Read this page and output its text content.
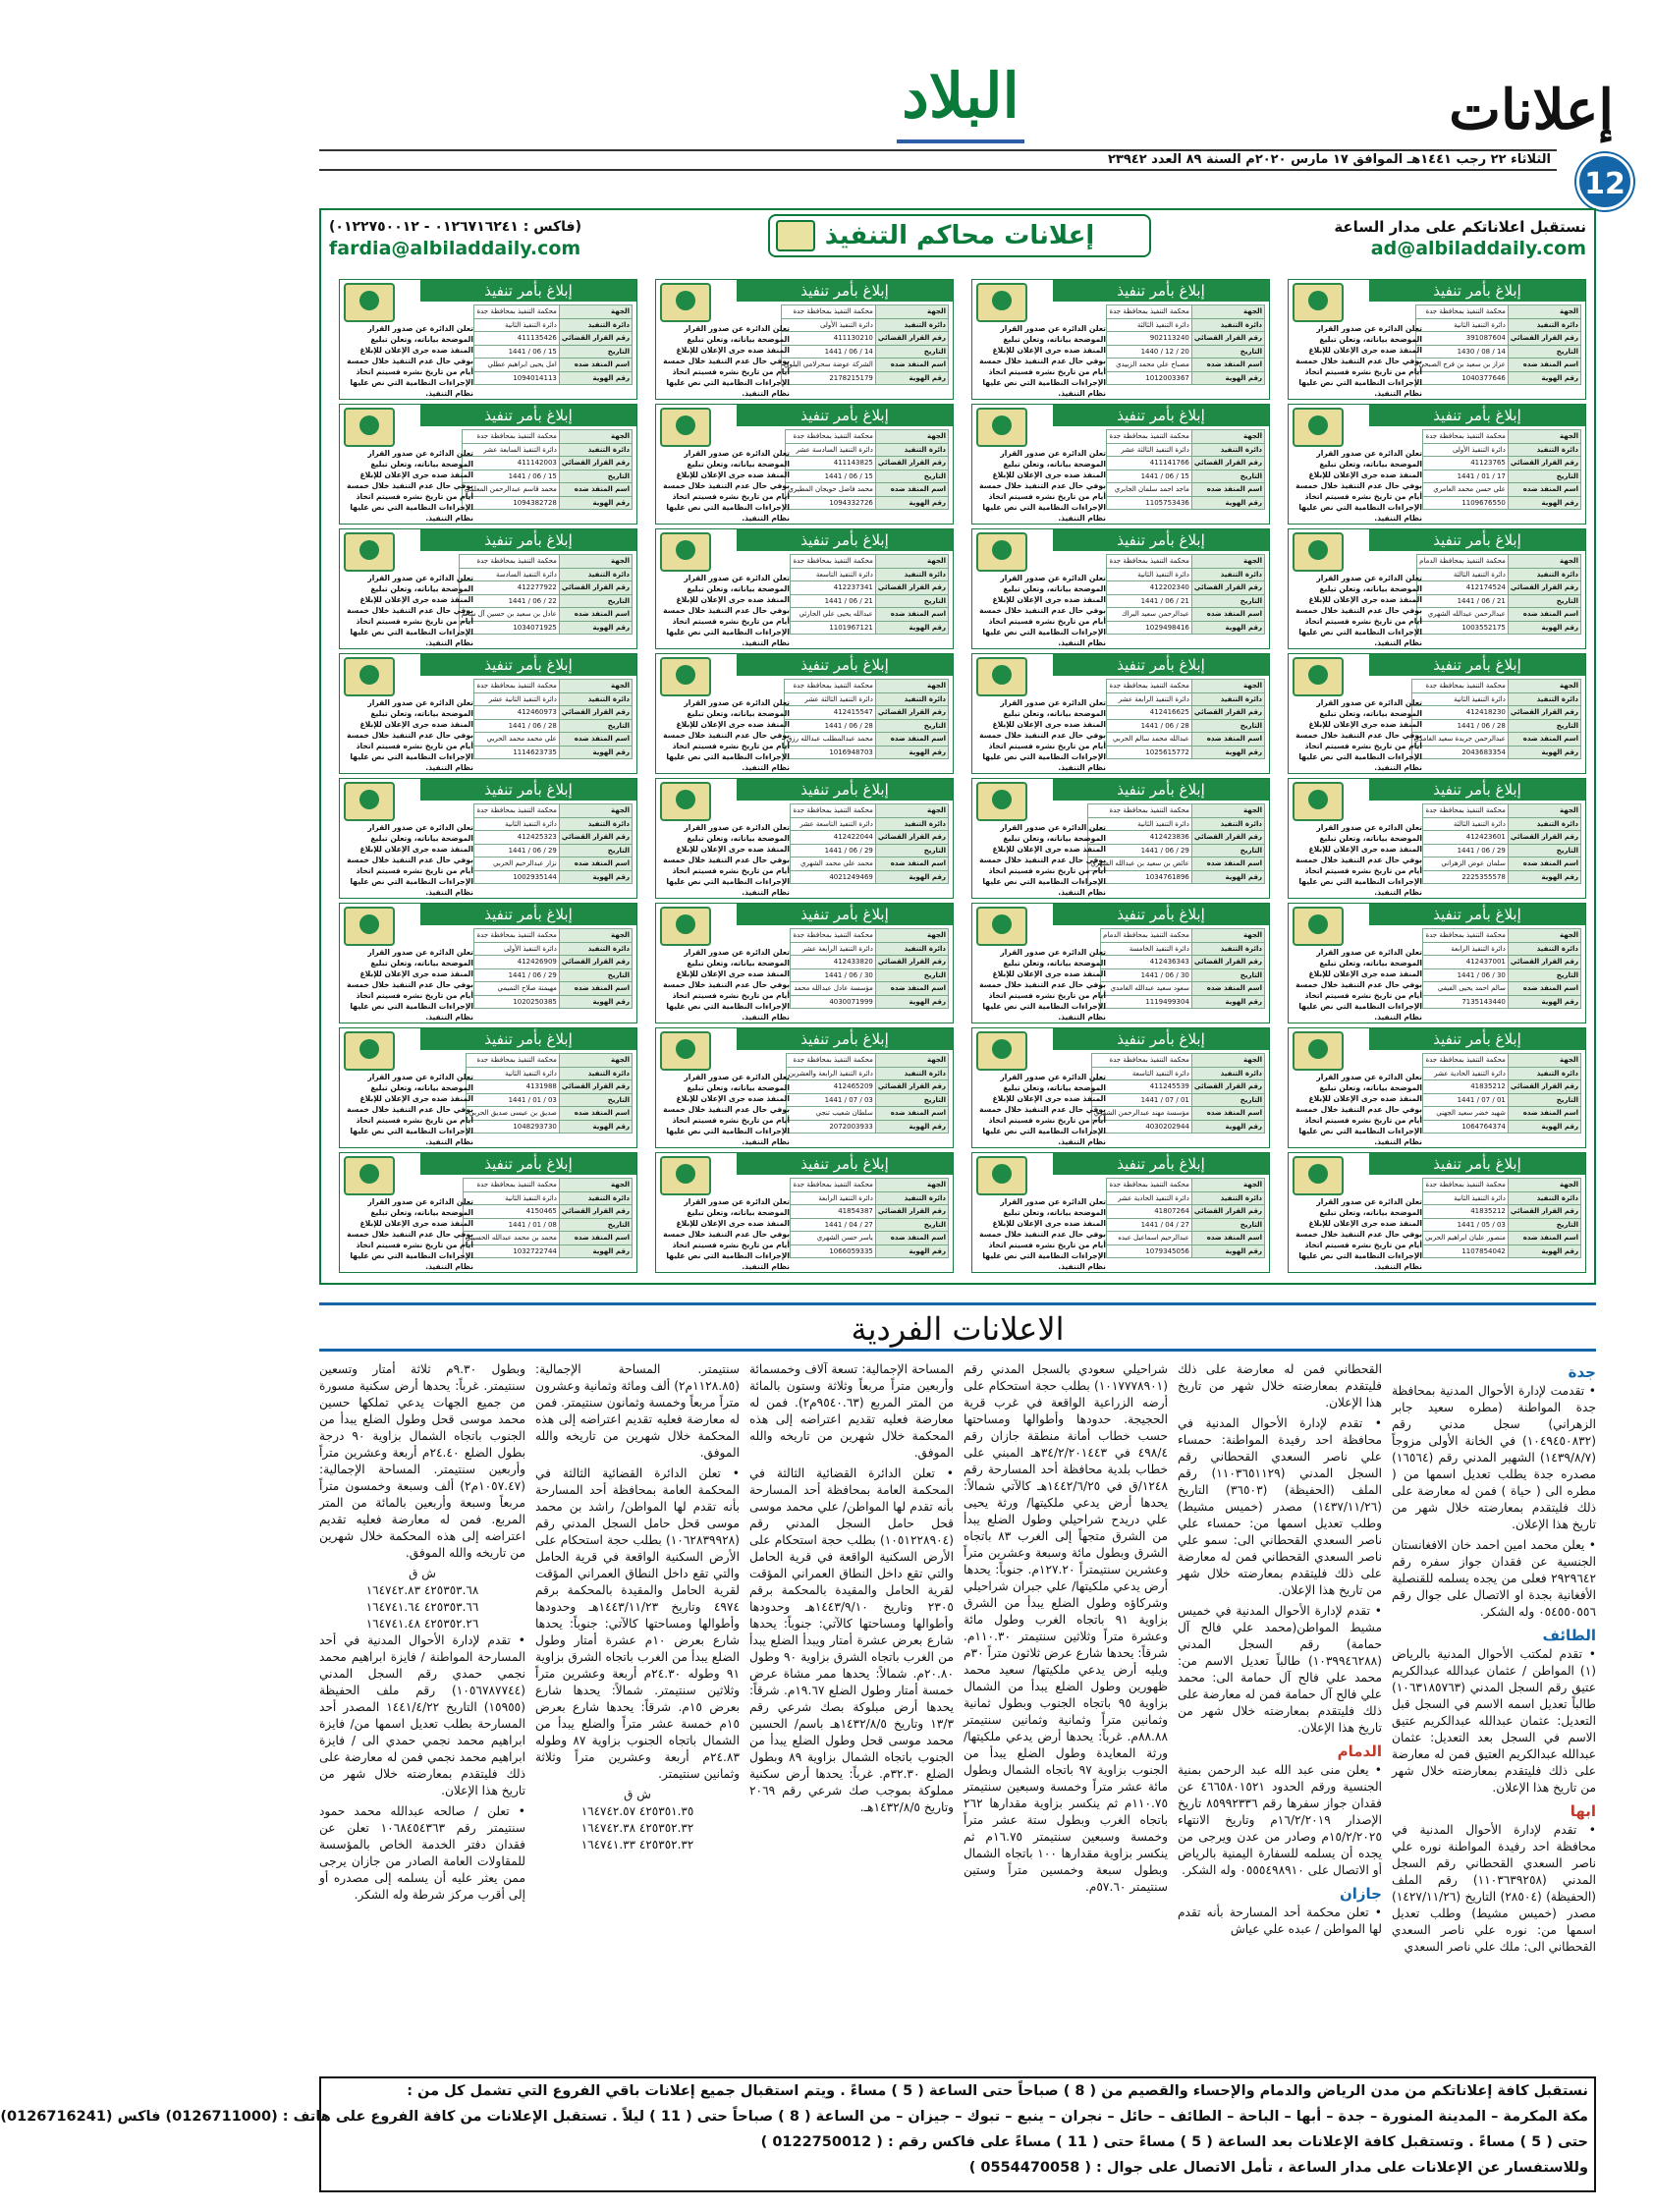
البلاد	إعلانات
الثلاثاء ٢٢ رجب ١٤٤١هـ الموافق ١٧ مارس ٢٠٢٠م السنة ٨٩ العدد ٢٣٩٤٢
12
نستقبل اعلاناتكم على مدار الساعة
ad@albiladdaily.com
إعلانات محاكم التنفيذ
(فاكس : ٠١٢٦٧١٦٢٤١ - ٠١٢٢٧٥٠٠١٢)
fardia@albiladdaily.com
إبلاغ بأمر تنفيذ
الجهة	محكمة التنفيذ بمحافظة جدة
دائرة التنفيذ	دائرة التنفيذ الثانية
رقم القرار القضائي	391087604
التاريخ	14 / 08 / 1430
اسم المنفذ ضده	عزاز بن سعيد بن فرج الصبحي
رقم الهوية	1040377646
تعلن الدائرة عن صدور القرار الموضحة بياناته، وتعلن تبليغ المنفذ ضده جرى الإعلان للإبلاغ بوفي حال عدم التنفيذ خلال خمسة أيام من تاريخ نشره فسيتم اتخاذ الإجراءات النظامية التي نص عليها نظام التنفيذ.
إبلاغ بأمر تنفيذ
الجهة	محكمة التنفيذ بمحافظة جدة
دائرة التنفيذ	دائرة التنفيذ الثالثة
رقم القرار القضائي	902113240
التاريخ	20 / 12 / 1440
اسم المنفذ ضده	مصباح علي محمد الزبيدي
رقم الهوية	1012003367
تعلن الدائرة عن صدور القرار الموضحة بياناته، وتعلن تبليغ المنفذ ضده جرى الإعلان للإبلاغ بوفي حال عدم التنفيذ خلال خمسة أيام من تاريخ نشره فسيتم اتخاذ الإجراءات النظامية التي نص عليها نظام التنفيذ.
إبلاغ بأمر تنفيذ
الجهة	محكمة التنفيذ بمحافظة جدة
دائرة التنفيذ	دائرة التنفيذ الأولى
رقم القرار القضائي	411130210
التاريخ	14 / 06 / 1441
اسم المنفذ ضده	الشركة عوضة سحرلامي البلوي
رقم الهوية	2178215179
تعلن الدائرة عن صدور القرار الموضحة بياناته، وتعلن تبليغ المنفذ ضده جرى الإعلان للإبلاغ بوفي حال عدم التنفيذ خلال خمسة أيام من تاريخ نشره فسيتم اتخاذ الإجراءات النظامية التي نص عليها نظام التنفيذ.
إبلاغ بأمر تنفيذ
الجهة	محكمة التنفيذ بمحافظة جدة
دائرة التنفيذ	دائرة التنفيذ الثانية
رقم القرار القضائي	411135426
التاريخ	15 / 06 / 1441
اسم المنفذ ضده	امل يحيى ابراهيم عطلي
رقم الهوية	1094014113
تعلن الدائرة عن صدور القرار الموضحة بياناته، وتعلن تبليغ المنفذ ضده جرى الإعلان للإبلاغ بوفي حال عدم التنفيذ خلال خمسة أيام من تاريخ نشره فسيتم اتخاذ الإجراءات النظامية التي نص عليها نظام التنفيذ.
إبلاغ بأمر تنفيذ
الجهة	محكمة التنفيذ بمحافظة جدة
دائرة التنفيذ	دائرة التنفيذ الأولى
رقم القرار القضائي	41123765
التاريخ	17 / 01 / 1441
اسم المنفذ ضده	علي حسن محمد العامري
رقم الهوية	1109676550
تعلن الدائرة عن صدور القرار الموضحة بياناته، وتعلن تبليغ المنفذ ضده جرى الإعلان للإبلاغ بوفي حال عدم التنفيذ خلال خمسة أيام من تاريخ نشره فسيتم اتخاذ الإجراءات النظامية التي نص عليها نظام التنفيذ.
إبلاغ بأمر تنفيذ
الجهة	محكمة التنفيذ بمحافظة جدة
دائرة التنفيذ	دائرة التنفيذ الثالثة عشر
رقم القرار القضائي	411141766
التاريخ	15 / 06 / 1441
اسم المنفذ ضده	ماجد احمد سلمان الجابري
رقم الهوية	1105753436
تعلن الدائرة عن صدور القرار الموضحة بياناته، وتعلن تبليغ المنفذ ضده جرى الإعلان للإبلاغ بوفي حال عدم التنفيذ خلال خمسة أيام من تاريخ نشره فسيتم اتخاذ الإجراءات النظامية التي نص عليها نظام التنفيذ.
إبلاغ بأمر تنفيذ
الجهة	محكمة التنفيذ بمحافظة جدة
دائرة التنفيذ	دائرة التنفيذ السادسة عشر
رقم القرار القضائي	411143825
التاريخ	15 / 06 / 1441
اسم المنفذ ضده	محمد فاضل حويجان المطيري
رقم الهوية	1094332726
تعلن الدائرة عن صدور القرار الموضحة بياناته، وتعلن تبليغ المنفذ ضده جرى الإعلان للإبلاغ بوفي حال عدم التنفيذ خلال خمسة أيام من تاريخ نشره فسيتم اتخاذ الإجراءات النظامية التي نص عليها نظام التنفيذ.
إبلاغ بأمر تنفيذ
الجهة	محكمة التنفيذ بمحافظة جدة
دائرة التنفيذ	دائرة التنفيذ السابعة عشر
رقم القرار القضائي	411142003
التاريخ	15 / 06 / 1441
اسم المنفذ ضده	محمد قاسم عبدالرحمن المعلمي
رقم الهوية	1094382728
تعلن الدائرة عن صدور القرار الموضحة بياناته، وتعلن تبليغ المنفذ ضده جرى الإعلان للإبلاغ بوفي حال عدم التنفيذ خلال خمسة أيام من تاريخ نشره فسيتم اتخاذ الإجراءات النظامية التي نص عليها نظام التنفيذ.
إبلاغ بأمر تنفيذ
الجهة	محكمة التنفيذ بمحافظة الدمام
دائرة التنفيذ	دائرة التنفيذ الثالثة
رقم القرار القضائي	412174524
التاريخ	21 / 06 / 1441
اسم المنفذ ضده	عبدالرحمن عبدالله الشهري
رقم الهوية	1003552175
تعلن الدائرة عن صدور القرار الموضحة بياناته، وتعلن تبليغ المنفذ ضده جرى الإعلان للإبلاغ بوفي حال عدم التنفيذ خلال خمسة أيام من تاريخ نشره فسيتم اتخاذ الإجراءات النظامية التي نص عليها نظام التنفيذ.
إبلاغ بأمر تنفيذ
الجهة	محكمة التنفيذ بمحافظة جدة
دائرة التنفيذ	دائرة التنفيذ الثانية
رقم القرار القضائي	412202340
التاريخ	21 / 06 / 1441
اسم المنفذ ضده	عبدالرحمن سعيد البراك
رقم الهوية	1029498416
تعلن الدائرة عن صدور القرار الموضحة بياناته، وتعلن تبليغ المنفذ ضده جرى الإعلان للإبلاغ بوفي حال عدم التنفيذ خلال خمسة أيام من تاريخ نشره فسيتم اتخاذ الإجراءات النظامية التي نص عليها نظام التنفيذ.
إبلاغ بأمر تنفيذ
الجهة	محكمة التنفيذ بمحافظة جدة
دائرة التنفيذ	دائرة التنفيذ التاسعة
رقم القرار القضائي	412237341
التاريخ	21 / 06 / 1441
اسم المنفذ ضده	عبدالله يحيى علي الحارثي
رقم الهوية	1101967121
تعلن الدائرة عن صدور القرار الموضحة بياناته، وتعلن تبليغ المنفذ ضده جرى الإعلان للإبلاغ بوفي حال عدم التنفيذ خلال خمسة أيام من تاريخ نشره فسيتم اتخاذ الإجراءات النظامية التي نص عليها نظام التنفيذ.
إبلاغ بأمر تنفيذ
الجهة	محكمة التنفيذ بمحافظة جدة
دائرة التنفيذ	دائرة التنفيذ السادسة
رقم القرار القضائي	412277922
التاريخ	22 / 06 / 1441
اسم المنفذ ضده	عادل بن سعيد بن حسين آل سالم
رقم الهوية	1034071925
تعلن الدائرة عن صدور القرار الموضحة بياناته، وتعلن تبليغ المنفذ ضده جرى الإعلان للإبلاغ بوفي حال عدم التنفيذ خلال خمسة أيام من تاريخ نشره فسيتم اتخاذ الإجراءات النظامية التي نص عليها نظام التنفيذ.
إبلاغ بأمر تنفيذ
الجهة	محكمة التنفيذ بمحافظة جدة
دائرة التنفيذ	دائرة التنفيذ الثانية
رقم القرار القضائي	412418230
التاريخ	28 / 06 / 1441
اسم المنفذ ضده	عبدالرحمن جريدة سعيد الغامدي
رقم الهوية	2043683354
تعلن الدائرة عن صدور القرار الموضحة بياناته، وتعلن تبليغ المنفذ ضده جرى الإعلان للإبلاغ بوفي حال عدم التنفيذ خلال خمسة أيام من تاريخ نشره فسيتم اتخاذ الإجراءات النظامية التي نص عليها نظام التنفيذ.
إبلاغ بأمر تنفيذ
الجهة	محكمة التنفيذ بمحافظة جدة
دائرة التنفيذ	دائرة التنفيذ الرابعة عشر
رقم القرار القضائي	412416625
التاريخ	28 / 06 / 1441
اسم المنفذ ضده	عبدالله محمد سالم الحربي
رقم الهوية	1025615772
تعلن الدائرة عن صدور القرار الموضحة بياناته، وتعلن تبليغ المنفذ ضده جرى الإعلان للإبلاغ بوفي حال عدم التنفيذ خلال خمسة أيام من تاريخ نشره فسيتم اتخاذ الإجراءات النظامية التي نص عليها نظام التنفيذ.
إبلاغ بأمر تنفيذ
الجهة	محكمة التنفيذ بمحافظة جدة
دائرة التنفيذ	دائرة التنفيذ الثالثة عشر
رقم القرار القضائي	412415547
التاريخ	28 / 06 / 1441
اسم المنفذ ضده	محمد عبدالمطلب عبدالله رزق
رقم الهوية	1016948703
تعلن الدائرة عن صدور القرار الموضحة بياناته، وتعلن تبليغ المنفذ ضده جرى الإعلان للإبلاغ بوفي حال عدم التنفيذ خلال خمسة أيام من تاريخ نشره فسيتم اتخاذ الإجراءات النظامية التي نص عليها نظام التنفيذ.
إبلاغ بأمر تنفيذ
الجهة	محكمة التنفيذ بمحافظة جدة
دائرة التنفيذ	دائرة التنفيذ الثانية عشر
رقم القرار القضائي	412460973
التاريخ	28 / 06 / 1441
اسم المنفذ ضده	علي محمد محمد الحربي
رقم الهوية	1114623735
تعلن الدائرة عن صدور القرار الموضحة بياناته، وتعلن تبليغ المنفذ ضده جرى الإعلان للإبلاغ بوفي حال عدم التنفيذ خلال خمسة أيام من تاريخ نشره فسيتم اتخاذ الإجراءات النظامية التي نص عليها نظام التنفيذ.
إبلاغ بأمر تنفيذ
الجهة	محكمة التنفيذ بمحافظة جدة
دائرة التنفيذ	دائرة التنفيذ الثالثة
رقم القرار القضائي	412423601
التاريخ	29 / 06 / 1441
اسم المنفذ ضده	سلمان عوض الزهراني
رقم الهوية	2225355578
تعلن الدائرة عن صدور القرار الموضحة بياناته، وتعلن تبليغ المنفذ ضده جرى الإعلان للإبلاغ بوفي حال عدم التنفيذ خلال خمسة أيام من تاريخ نشره فسيتم اتخاذ الإجراءات النظامية التي نص عليها نظام التنفيذ.
إبلاغ بأمر تنفيذ
الجهة	محكمة التنفيذ بمحافظة جدة
دائرة التنفيذ	دائرة التنفيذ الثانية
رقم القرار القضائي	412423836
التاريخ	29 / 06 / 1441
اسم المنفذ ضده	عائض بن سعيد بن عبدالله الشهري
رقم الهوية	1034761896
تعلن الدائرة عن صدور القرار الموضحة بياناته، وتعلن تبليغ المنفذ ضده جرى الإعلان للإبلاغ بوفي حال عدم التنفيذ خلال خمسة أيام من تاريخ نشره فسيتم اتخاذ الإجراءات النظامية التي نص عليها نظام التنفيذ.
إبلاغ بأمر تنفيذ
الجهة	محكمة التنفيذ بمحافظة جدة
دائرة التنفيذ	دائرة التنفيذ التاسعة عشر
رقم القرار القضائي	412422044
التاريخ	29 / 06 / 1441
اسم المنفذ ضده	محمد علي محمد الشهري
رقم الهوية	4021249469
تعلن الدائرة عن صدور القرار الموضحة بياناته، وتعلن تبليغ المنفذ ضده جرى الإعلان للإبلاغ بوفي حال عدم التنفيذ خلال خمسة أيام من تاريخ نشره فسيتم اتخاذ الإجراءات النظامية التي نص عليها نظام التنفيذ.
إبلاغ بأمر تنفيذ
الجهة	محكمة التنفيذ بمحافظة جدة
دائرة التنفيذ	دائرة التنفيذ الثانية
رقم القرار القضائي	412425323
التاريخ	29 / 06 / 1441
اسم المنفذ ضده	نزار عبدالرحيم الحربي
رقم الهوية	1002935144
تعلن الدائرة عن صدور القرار الموضحة بياناته، وتعلن تبليغ المنفذ ضده جرى الإعلان للإبلاغ بوفي حال عدم التنفيذ خلال خمسة أيام من تاريخ نشره فسيتم اتخاذ الإجراءات النظامية التي نص عليها نظام التنفيذ.
إبلاغ بأمر تنفيذ
الجهة	محكمة التنفيذ بمحافظة جدة
دائرة التنفيذ	دائرة التنفيذ الرابعة
رقم القرار القضائي	412437001
التاريخ	30 / 06 / 1441
اسم المنفذ ضده	سالم احمد يحيى الفيفي
رقم الهوية	7135143440
تعلن الدائرة عن صدور القرار الموضحة بياناته، وتعلن تبليغ المنفذ ضده جرى الإعلان للإبلاغ بوفي حال عدم التنفيذ خلال خمسة أيام من تاريخ نشره فسيتم اتخاذ الإجراءات النظامية التي نص عليها نظام التنفيذ.
إبلاغ بأمر تنفيذ
الجهة	محكمة التنفيذ بمحافظة الدمام
دائرة التنفيذ	دائرة التنفيذ الخامسة
رقم القرار القضائي	412436343
التاريخ	30 / 06 / 1441
اسم المنفذ ضده	سعود سعيد عبدالله الغامدي
رقم الهوية	1119499304
تعلن الدائرة عن صدور القرار الموضحة بياناته، وتعلن تبليغ المنفذ ضده جرى الإعلان للإبلاغ بوفي حال عدم التنفيذ خلال خمسة أيام من تاريخ نشره فسيتم اتخاذ الإجراءات النظامية التي نص عليها نظام التنفيذ.
إبلاغ بأمر تنفيذ
الجهة	محكمة التنفيذ بمحافظة جدة
دائرة التنفيذ	دائرة التنفيذ الرابعة عشر
رقم القرار القضائي	412433820
التاريخ	30 / 06 / 1441
اسم المنفذ ضده	مؤسسة عادل عبدالله محمد
رقم الهوية	4030071999
تعلن الدائرة عن صدور القرار الموضحة بياناته، وتعلن تبليغ المنفذ ضده جرى الإعلان للإبلاغ بوفي حال عدم التنفيذ خلال خمسة أيام من تاريخ نشره فسيتم اتخاذ الإجراءات النظامية التي نص عليها نظام التنفيذ.
إبلاغ بأمر تنفيذ
الجهة	محكمة التنفيذ بمحافظة جدة
دائرة التنفيذ	دائرة التنفيذ الأولى
رقم القرار القضائي	412426909
التاريخ	29 / 06 / 1441
اسم المنفذ ضده	مهيمنة صلاح التميمي
رقم الهوية	1020250385
تعلن الدائرة عن صدور القرار الموضحة بياناته، وتعلن تبليغ المنفذ ضده جرى الإعلان للإبلاغ بوفي حال عدم التنفيذ خلال خمسة أيام من تاريخ نشره فسيتم اتخاذ الإجراءات النظامية التي نص عليها نظام التنفيذ.
إبلاغ بأمر تنفيذ
الجهة	محكمة التنفيذ بمحافظة جدة
دائرة التنفيذ	دائرة التنفيذ الحادية عشر
رقم القرار القضائي	41835212
التاريخ	01 / 07 / 1441
اسم المنفذ ضده	شهيد خضر سعيد الجهني
رقم الهوية	1064764374
تعلن الدائرة عن صدور القرار الموضحة بياناته، وتعلن تبليغ المنفذ ضده جرى الإعلان للإبلاغ بوفي حال عدم التنفيذ خلال خمسة أيام من تاريخ نشره فسيتم اتخاذ الإجراءات النظامية التي نص عليها نظام التنفيذ.
إبلاغ بأمر تنفيذ
الجهة	محكمة التنفيذ بمحافظة جدة
دائرة التنفيذ	دائرة التنفيذ التاسعة
رقم القرار القضائي	411245539
التاريخ	01 / 07 / 1441
اسم المنفذ ضده	مؤسسة مهند عبدالرحمن الشهري
رقم الهوية	4030202944
تعلن الدائرة عن صدور القرار الموضحة بياناته، وتعلن تبليغ المنفذ ضده جرى الإعلان للإبلاغ بوفي حال عدم التنفيذ خلال خمسة أيام من تاريخ نشره فسيتم اتخاذ الإجراءات النظامية التي نص عليها نظام التنفيذ.
إبلاغ بأمر تنفيذ
الجهة	محكمة التنفيذ بمحافظة جدة
دائرة التنفيذ	دائرة التنفيذ الرابعة والعشرين
رقم القرار القضائي	412465209
التاريخ	03 / 07 / 1441
اسم المنفذ ضده	سلطان شعيب تنجي
رقم الهوية	2072003933
تعلن الدائرة عن صدور القرار الموضحة بياناته، وتعلن تبليغ المنفذ ضده جرى الإعلان للإبلاغ بوفي حال عدم التنفيذ خلال خمسة أيام من تاريخ نشره فسيتم اتخاذ الإجراءات النظامية التي نص عليها نظام التنفيذ.
إبلاغ بأمر تنفيذ
الجهة	محكمة التنفيذ بمحافظة جدة
دائرة التنفيذ	دائرة التنفيذ الثانية
رقم القرار القضائي	4131988
التاريخ	03 / 01 / 1441
اسم المنفذ ضده	صديق بن عيسى صديق الحربي
رقم الهوية	1048293730
تعلن الدائرة عن صدور القرار الموضحة بياناته، وتعلن تبليغ المنفذ ضده جرى الإعلان للإبلاغ بوفي حال عدم التنفيذ خلال خمسة أيام من تاريخ نشره فسيتم اتخاذ الإجراءات النظامية التي نص عليها نظام التنفيذ.
إبلاغ بأمر تنفيذ
الجهة	محكمة التنفيذ بمحافظة جدة
دائرة التنفيذ	دائرة التنفيذ الثانية
رقم القرار القضائي	41835212
التاريخ	03 / 05 / 1441
اسم المنفذ ضده	منصور عليان ابراهيم الحربي
رقم الهوية	1107854042
تعلن الدائرة عن صدور القرار الموضحة بياناته، وتعلن تبليغ المنفذ ضده جرى الإعلان للإبلاغ بوفي حال عدم التنفيذ خلال خمسة أيام من تاريخ نشره فسيتم اتخاذ الإجراءات النظامية التي نص عليها نظام التنفيذ.
إبلاغ بأمر تنفيذ
الجهة	محكمة التنفيذ بمحافظة جدة
دائرة التنفيذ	دائرة التنفيذ الحادية عشر
رقم القرار القضائي	41807264
التاريخ	27 / 04 / 1441
اسم المنفذ ضده	عبدالرحيم اسماعيل عبده
رقم الهوية	1079345056
تعلن الدائرة عن صدور القرار الموضحة بياناته، وتعلن تبليغ المنفذ ضده جرى الإعلان للإبلاغ بوفي حال عدم التنفيذ خلال خمسة أيام من تاريخ نشره فسيتم اتخاذ الإجراءات النظامية التي نص عليها نظام التنفيذ.
إبلاغ بأمر تنفيذ
الجهة	محكمة التنفيذ بمحافظة جدة
دائرة التنفيذ	دائرة التنفيذ الرابعة
رقم القرار القضائي	41854387
التاريخ	27 / 04 / 1441
اسم المنفذ ضده	ياسر حسن الشهري
رقم الهوية	1066059335
تعلن الدائرة عن صدور القرار الموضحة بياناته، وتعلن تبليغ المنفذ ضده جرى الإعلان للإبلاغ بوفي حال عدم التنفيذ خلال خمسة أيام من تاريخ نشره فسيتم اتخاذ الإجراءات النظامية التي نص عليها نظام التنفيذ.
إبلاغ بأمر تنفيذ
الجهة	محكمة التنفيذ بمحافظة جدة
دائرة التنفيذ	دائرة التنفيذ الثانية
رقم القرار القضائي	4150465
التاريخ	08 / 01 / 1441
اسم المنفذ ضده	محمد بن محمد عبدالله الحسيني
رقم الهوية	1032722744
تعلن الدائرة عن صدور القرار الموضحة بياناته، وتعلن تبليغ المنفذ ضده جرى الإعلان للإبلاغ بوفي حال عدم التنفيذ خلال خمسة أيام من تاريخ نشره فسيتم اتخاذ الإجراءات النظامية التي نص عليها نظام التنفيذ.
الاعلانات الفردية
جدة

• تقدمت لإدارة الأحوال المدنية بمحافظة جدة المواطنة (مطره سعيد جابر الزهراني) سجل مدني رقم (١٠٤٩٤٥٠٨٣٢) في الخانة الأولى مزوجاً (١٤٣٩/٨/٧) الشهير المدني رقم (١٦٥٦٤) مصدره جدة يطلب تعديل اسمها من ( مطره الى ( حياة ) فمن له معارضة على ذلك فليتقدم بمعارضته خلال شهر من تاريخ هذا الإعلان.

• يعلن محمد امين احمد خان الافغانستان الجنسية عن فقدان جواز سفره رقم ٢٩٢٩٦٤٢ فعلى من يجده يسلمه للقنصلية الأفغانية بجدة او الاتصال على جوال رقم ٠٥٤٥٥٠٥٥٦ وله الشكر.

الطائف

• تقدم لمكتب الأحوال المدنية بالرياض (١) المواطن / عثمان عبدالله عبدالكريم عتيق رقم السجل المدني (١٠٦٣١٨٥٧٦٣) طالباً تعديل اسمه الاسم في السجل قبل التعديل: عثمان عبدالله عبدالكريم عتيق الاسم في السجل بعد التعديل: عثمان عبدالله عبدالكريم العتيق فمن له معارضة على ذلك فليتقدم بمعارضته خلال شهر من تاريخ هذا الإعلان.

ابها

• تقدم لإدارة الأحوال المدنية في محافظة احد رفيدة المواطنة نوره علي ناصر السعدي القحطاني رقم السجل المدني (١١٠٣٦٣٩٢٥٨) رقم الملف (الحفيظة) (٢٨٥٠٤) التاريخ (١٤٢٧/١١/٢٦) مصدر (خميس مشيط) وطلب تعديل اسمها من: نوره علي ناصر السعدي القحطاني الى: ملك علي ناصر السعدي

القحطاني فمن له معارضة على ذلك فليتقدم بمعارضته خلال شهر من تاريخ هذا الإعلان.

• تقدم لإدارة الأحوال المدنية في محافظة احد رفيدة المواطنة: حمساء علي ناصر السعدي القحطاني رقم السجل المدني (١١٠٣٦٥١١٢٩) رقم الملف (الحفيظة) (٣٦٥٠٣) التاريخ (١٤٣٧/١١/٢٦) مصدر (خميس مشيط) وطلب تعديل اسمها من: حمساء علي ناصر السعدي القحطاني الى: سمو علي ناصر السعدي القحطاني فمن له معارضة على ذلك فليتقدم بمعارضته خلال شهر من تاريخ هذا الإعلان.

• تقدم لإدارة الأحوال المدنية في خميس مشيط المواطن(محمد علي فالح آل حمامة) رقم السجل المدني (١٠٣٩٩٤٦٢٨٨) طالباً تعديل الاسم من: محمد علي فالح آل حمامة الى: محمد علي فالح آل حمامة فمن له معارضة على ذلك فليتقدم بمعارضته خلال شهر من تاريخ هذا الإعلان.

الدمام

• يعلن منى عبد الله عبد الرحمن بمنية الجنسية ورقم الحدود ٤٦٦٥٨٠١٥٢١ عن فقدان جواز سفرها رقم ٨٥٩٩٢٣٣٦ تاريخ الإصدار ١٦/٢/٢٠١٩م وتاريخ الانتهاء ١٥/٢/٢٠٢٥م وصادر من عدن ويرجى من يجده أن يسلمه للسفارة اليمنية بالرياض أو الاتصال على ٠٥٥٥٤٩٨٩١٠ وله الشكر.

جازان

• تعلن محكمة أحد المسارحة بأنه تقدم لها المواطن / عبده علي عياش

شراحيلي سعودي بالسجل المدني رقم (١٠١٧٧٧٨٩٠١) بطلب حجة استحكام على أرضه الزراعية الواقعة في غرب قرية الحجيجة. حدودها وأطوالها ومساحتها حسب خطاب أمانة منطقة جازان رقم ٤٩٨/٤ في ٣٤/٢/٢٠١٤٤٣هـ المبني على خطاب بلدية محافظة أحد المسارحة رقم ١٢٤٨/ق في ١٤٤٢/٦/٢٥هـ كالآتي شمالاً: يحدها أرض يدعي ملكيتها/ ورثة يحيى علي دريدح شراحيلي وطول الضلع يبدأ من الشرق متجهاً إلى الغرب ٨٣ باتجاه الشرق وبطول مائة وسبعة وعشرين متراً وعشرين سنتيمتراً ١٢٧.٢٠م. جنوباً: يحدها أرض يدعي ملكيتها/ علي جبران شراحيلي وشركاؤه وطول الضلع يبدأ من الشرق بزاوية ٩١ باتجاه الغرب وطول مائة وعشرة متراً وثلاثين سنتيمتر ١١٠.٣٠م. شرقاً: يحدها شارع عرض ثلاثون متراً ٣٠م ويليه أرض يدعي ملكيتها/ سعيد محمد ظهورين وطول الضلع يبدأ من الشمال بزاوية ٩٥ باتجاه الجنوب وبطول ثمانية وثمانين متراً وثمانية وثمانين سنتيمتر ٨٨.٨٨م. غرباً: يحدها أرض يدعي ملكيتها/ ورثة المعايدة وطول الضلع يبدأ من الجنوب بزاوية ٩٧ باتجاه الشمال وبطول مائة عشر متراً وخمسة وسبعين سنتيمتر ١١٠.٧٥م ثم ينكسر بزاوية مقدارها ٢٦٢ باتجاه الغرب وبطول ستة عشر متراً وخمسة وسبعين سنتيمتر ١٦.٧٥م ثم ينكسر بزاوية مقدارها ١٠٠ باتجاه الشمال وبطول سبعة وخمسين متراً وستين سنتيمتر ٥٧.٦٠م.

المساحة الإجمالية: تسعة آلاف وخمسمائة وأربعين متراً مربعاً وثلاثة وستون بالمائة من المتر المربع (٩٥٤٠.٦٣م٢). فمن له معارضة فعليه تقديم اعتراضه إلى هذه المحكمة خلال شهرين من تاريخه والله الموفق.

• تعلن الدائرة القضائية الثالثة في المحكمة العامة بمحافظة أحد المسارحة بأنه تقدم لها المواطن/ علي محمد موسى قحل حامل السجل المدني رقم (١٠٥١٢٢٨٩٠٤) بطلب حجة استحكام على الأرض السكنية الواقعة في قرية الحامل والتي تقع داخل النطاق العمراني المؤقت لقرية الحامل والمقيدة بالمحكمة برقم ٢٣٠٥ وتاريخ ١٤٤٣/٩/١٠هـ وحدودها وأطوالها ومساحتها كالآتي: جنوباً: يحدها شارع بعرض عشرة أمتار ويبدأ الضلع يبدأ من الغرب باتجاه الشرق بزاوية ٩٠ وطول ٢٠.٨٠م. شمالاً: يحدها ممر مشاة عرض خمسة أمتار وطول الضلع ١٩.٦٧م. شرقاً: يحدها أرض مبلوكة بصك شرعي رقم ١٣/٣ وتاريخ ١٤٣٢/٨/٥هـ باسم/ الحسين محمد موسى قحل وطول الضلع يبدأ من الجنوب باتجاه الشمال بزاوية ٨٩ وبطول الضلع ٣٢.٣٠م. غرباً: يحدها أرض سكنية مملوكة بموجب صك شرعي رقم ٢٠٦٩ وتاريخ ١٤٣٢/٨/٥هـ.

سنتيمتر. المساحة الإجمالية: (١١٢٨.٨٥م٢) ألف ومائة وثمانية وعشرون متراً مربعاً وخمسة وثمانون سنتيمتر. فمن له معارضة فعليه تقديم اعتراضه إلى هذه المحكمة خلال شهرين من تاريخه والله الموفق.

• تعلن الدائرة القضائية الثالثة في المحكمة العامة بمحافظة أحد المسارحة بأنه تقدم لها المواطن/ راشد بن محمد موسى قحل حامل السجل المدني رقم (١٠٦٢٨٣٩٩٢٨) بطلب حجة استحكام على الأرض السكنية الواقعة في قرية الحامل والتي تقع داخل النطاق العمراني المؤقت لقرية الحامل والمقيدة بالمحكمة برقم ٤٩٧٤ وتاريخ ١٤٤٣/١١/٢٣هـ وحدودها وأطوالها ومساحتها كالآتي: جنوباً: يحدها شارع بعرض ١٠م عشرة أمتار وطول الضلع يبدأ من الغرب باتجاه الشرق بزاوية ٩١ وطوله ٢٤.٣٠م أربعة وعشرين متراً وثلاثين سنتيمتر. شمالاً: يحدها شارع بعرض ١٥م. شرقاً: يحدها شارع بعرض ١٥م خمسة عشر متراً والضلع يبدأ من الشمال باتجاه الجنوب بزاوية ٨٧ وطوله ٢٤.٨٣م أربعة وعشرين متراً وثلاثة وثمانين سنتيمتر.

ش ق
٤٢٥٣٥١.٣٥ ١٦٤٧٤٢.٥٧
٤٢٥٣٥٢.٣٢ ١٦٤٧٤٢.٣٨
٤٢٥٣٥٢.٣٢ ١٦٤٧٤١.٣٣

وبطول ٩.٣٠م ثلاثة أمتار وتسعين سنتيمتر. غرباً: يحدها أرض سكنية مسورة من جميع الجهات يدعي تملكها حسين محمد موسى قحل وطول الضلع يبدأ من الجنوب باتجاه الشمال بزاوية ٩٠ درجة بطول الضلع ٢٤.٤٠م أربعة وعشرين متراً وأربعين سنتيمتر. المساحة الإجمالية: (١٠٥٧.٤٧م٢) ألف وسبعة وخمسون متراً مربعاً وسبعة وأربعين بالمائة من المتر المربع. فمن له معارضة فعليه تقديم اعتراضه إلى هذه المحكمة خلال شهرين من تاريخه والله الموفق.

ش ق
٤٢٥٣٥٣.٦٨ ١٦٤٧٤٢.٨٣
٤٢٥٣٥٣.٦٦ ١٦٤٧٤١.٦٤
٤٢٥٣٥٢.٢٦ ١٦٤٧٤١.٤٨

• تقدم لإدارة الأحوال المدنية في أحد المسارحة المواطنة / فايزة ابراهيم محمد نجمي حمدي رقم السجل المدني (١٠٥٦٧٨٧٧٤٤) رقم ملف الحفيظة (١٥٩٥٥) التاريخ ١٤٤١/٤/٢٢ المصدر أحد المسارحة بطلب تعديل اسمها من/ فايزة ابراهيم محمد نجمي حمدي الى / فايزة ابراهيم محمد نجمي فمن له معارضة على ذلك فليتقدم بمعارضته خلال شهر من تاريخ هذا الإعلان.

• تعلن / صالحه عبدالله محمد حمود سنتيمتر رقم ١٠٦٨٤٥٤٣٦٣ تعلن عن فقدان دفتر الخدمة الخاص بالمؤسسة للمقاولات العامة الصادر من جازان يرجى ممن يعثر عليه أن يسلمه إلى مصدره أو إلى أقرب مركز شرطة وله الشكر.

نستقبل كافة إعلاناتكم من مدن الرياض والدمام والإحساء والقصيم من ( 8 ) صباحاً حتى الساعة ( 5 ) مساءً . ويتم استقبال جميع إعلانات باقي الفروع التي تشمل كل من :
مكة المكرمة – المدينة المنورة – جدة – أبها – الباحة – الطائف – حائل – نجران – ينبع – تبوك – جيزان – من الساعة ( 8 ) صباحاً حتى ( 11 ) ليلاً . تستقبل الإعلانات من كافة الفروع على هاتف : (0126711000) فاكس (0126716241)
حتى ( 5 ) مساءً . وتستقبل كافة الإعلانات بعد الساعة ( 5 ) مساءً حتى ( 11 ) مساءً على فاكس رقم : ( 0122750012 )
وللاستفسار عن الإعلانات على مدار الساعة ، تأمل الاتصال على جوال : ( 0554470058 )
